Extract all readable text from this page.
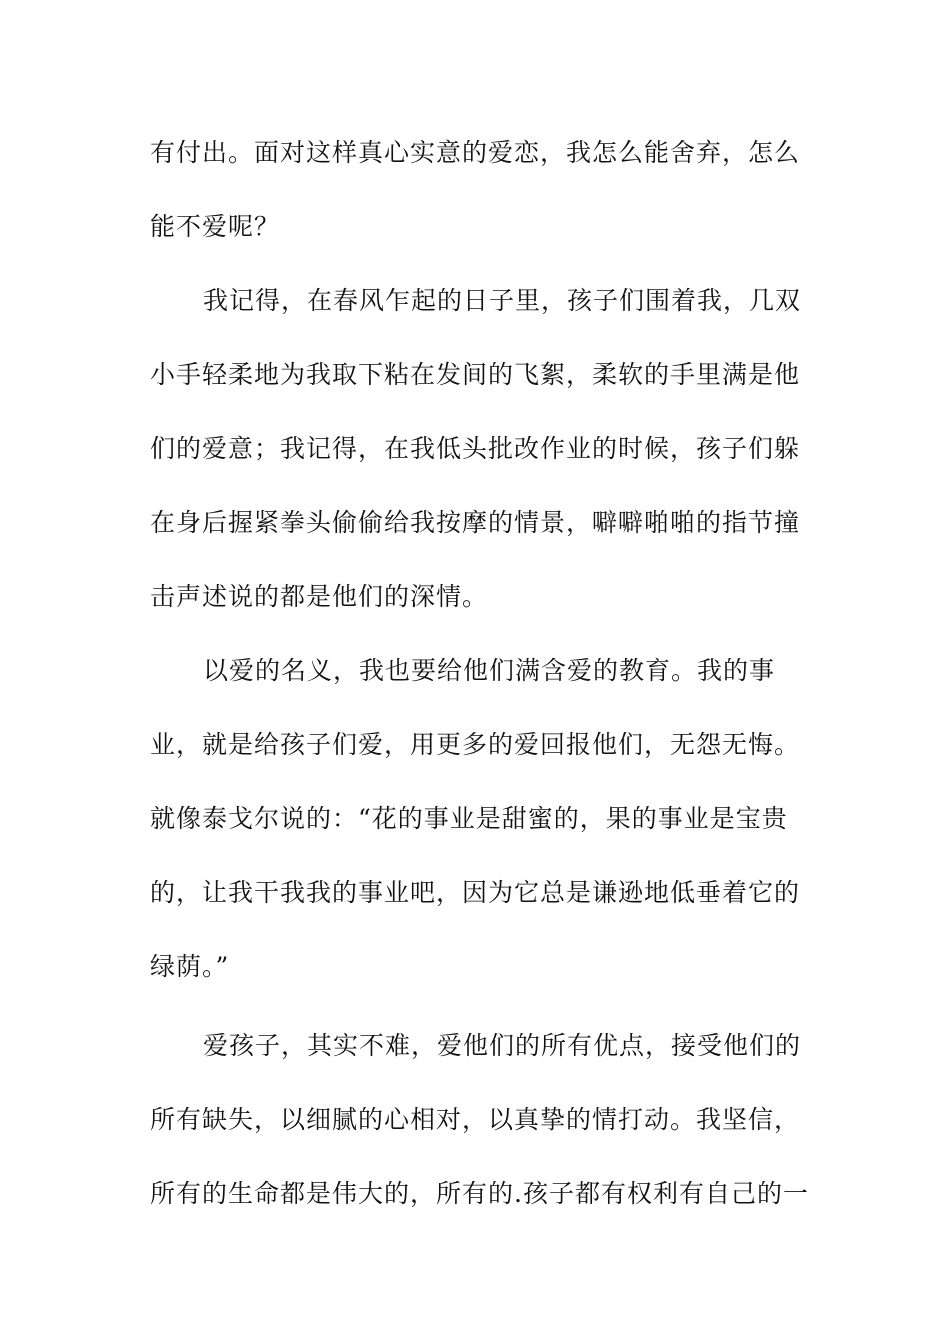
有付出。面对这样真心实意的爱恋，我怎么能舍弃，怎么
能不爱呢？
我记得，在春风乍起的日子里，孩子们围着我，几双
小手轻柔地为我取下粘在发间的飞絮，柔软的手里满是他
们的爱意；我记得，在我低头批改作业的时候，孩子们躲
在身后握紧拳头偷偷给我按摩的情景，噼噼啪啪的指节撞
击声述说的都是他们的深情。
以爱的名义，我也要给他们满含爱的教育。我的事
业，就是给孩子们爱，用更多的爱回报他们，无怨无悔。
就像泰戈尔说的：“花的事业是甜蜜的，果的事业是宝贵
的，让我干我我的事业吧，因为它总是谦逊地低垂着它的
绿荫。”
爱孩子，其实不难，爱他们的所有优点，接受他们的
所有缺失，以细腻的心相对，以真挚的情打动。我坚信，
所有的生命都是伟大的，所有的.孩子都有权利有自己的一
